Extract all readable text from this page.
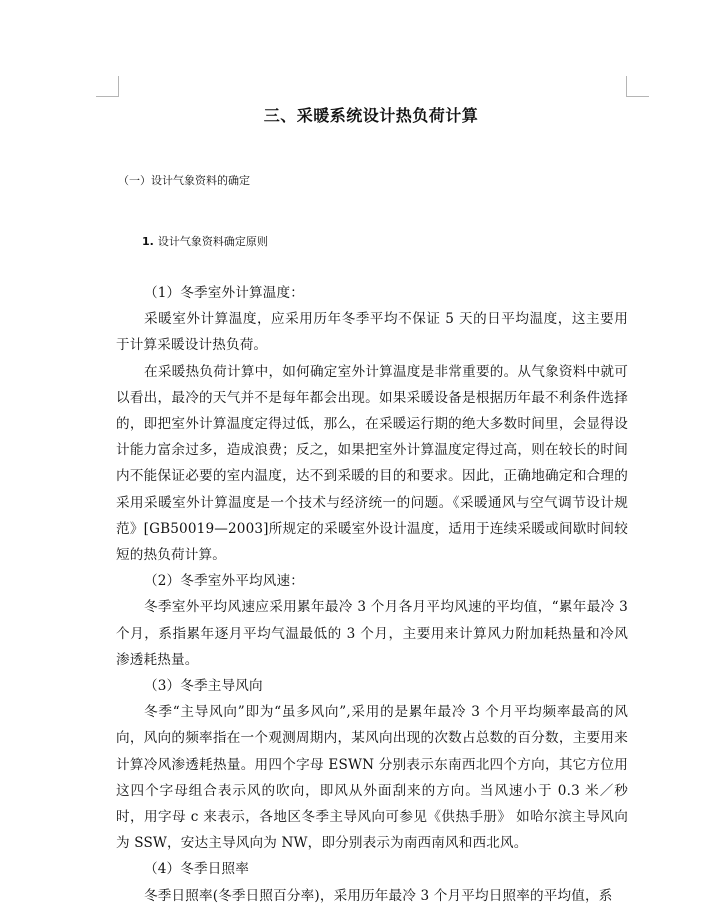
三、采暖系统设计热负荷计算
（一）设计气象资料的确定
1. 设计气象资料确定原则

（1）冬季室外计算温度：

采暖室外计算温度，应采用历年冬季平均不保证 5 天的日平均温度，这主要用于计算采暖设计热负荷。

在采暖热负荷计算中，如何确定室外计算温度是非常重要的。从气象资料中就可以看出，最冷的天气并不是每年都会出现。如果采暖设备是根据历年最不利条件选择的，即把室外计算温度定得过低，那么，在采暖运行期的绝大多数时间里，会显得设计能力富余过多，造成浪费；反之，如果把室外计算温度定得过高，则在较长的时间内不能保证必要的室内温度，达不到采暖的目的和要求。因此，正确地确定和合理的采用采暖室外计算温度是一个技术与经济统一的问题。《采暖通风与空气调节设计规范》[GB50019—2003]所规定的采暖室外设计温度，适用于连续采暖或间歇时间较短的热负荷计算。

（2）冬季室外平均风速：

冬季室外平均风速应采用累年最冷 3 个月各月平均风速的平均值，“累年最冷 3 个月，系指累年逐月平均气温最低的 3 个月，主要用来计算风力附加耗热量和冷风渗透耗热量。

（3）冬季主导风向

冬季“主导风向”即为“虽多风向”,采用的是累年最冷 3 个月平均频率最高的风向，风向的频率指在一个观测周期内，某风向出现的次数占总数的百分数，主要用来计算冷风渗透耗热量。用四个字母 ESWN 分别表示东南西北四个方向，其它方位用这四个字母组合表示风的吹向，即风从外面刮来的方向。当风速小于 0.3 米／秒时，用字母 c 来表示，各地区冬季主导风向可参见《供热手册》 如哈尔滨主导风向为 SSW，安达主导风向为 NW，即分别表示为南西南风和西北风。

（4）冬季日照率

冬季日照率(冬季日照百分率)，采用历年最冷 3 个月平均日照率的平均值，系
